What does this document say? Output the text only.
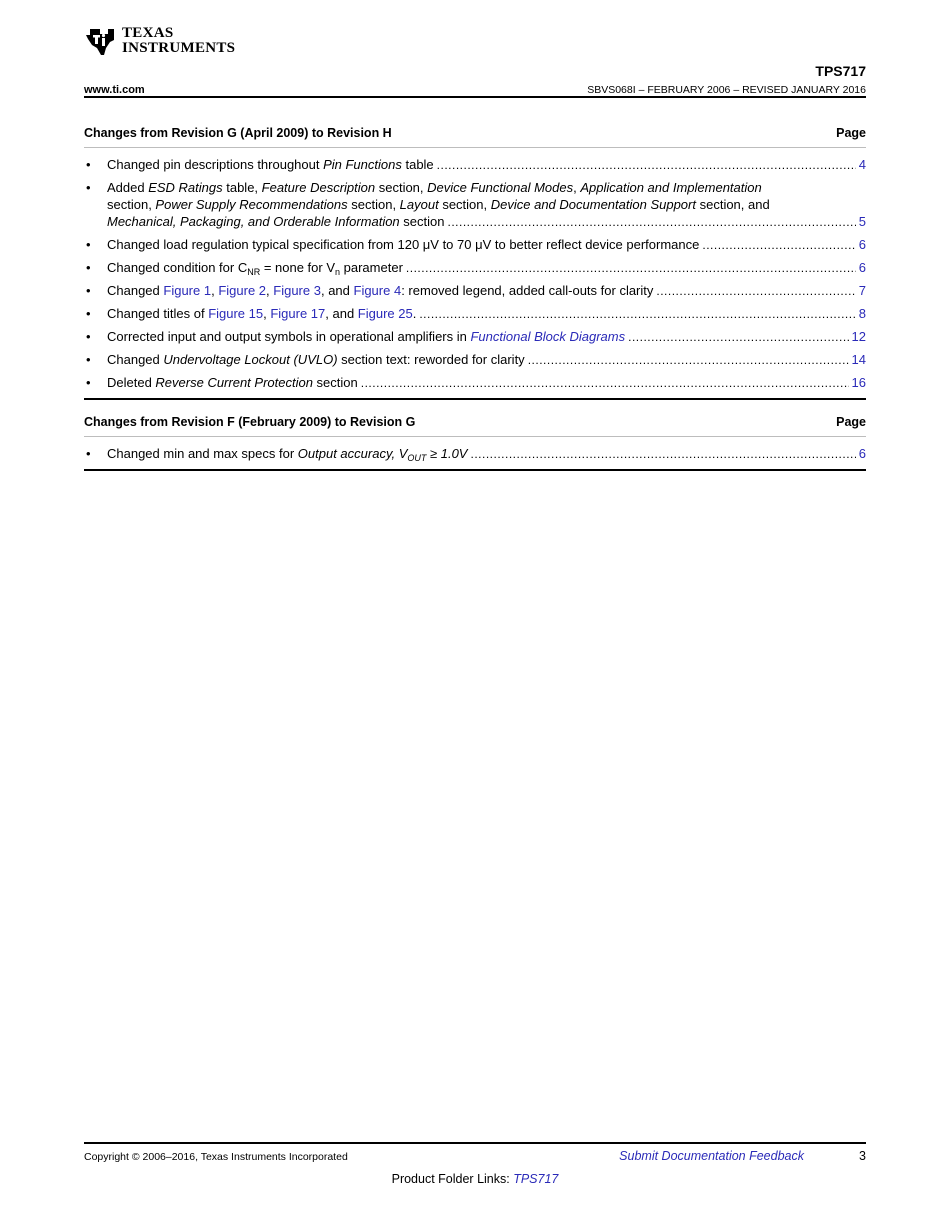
TEXAS
INSTRUMENTS
TPS717
www.ti.com	SBVS068I – FEBRUARY 2006 – REVISED JANUARY 2016
Changes from Revision G (April 2009) to Revision H	Page
• Changed pin descriptions throughout Pin Functions table .....	4
• Added ESD Ratings table, Feature Description section, Device Functional Modes, Application and Implementation
section, Power Supply Recommendations section, Layout section, Device and Documentation Support section, and
Mechanical, Packaging, and Orderable Information section .....	5
• Changed load regulation typical specification from 120 μV to 70 μV to better reflect device performance .....	6
• Changed condition for $C_{NR}$ = none for $V_n$ parameter .....	6
• Changed Figure 1, Figure 2, Figure 3, and Figure 4: removed legend, added call-outs for clarity .....	7
• Changed titles of Figure 15, Figure 17, and Figure 25. .....	8
• Corrected input and output symbols in operational amplifiers in Functional Block Diagrams .....	12
• Changed Undervoltage Lockout (UVLO) section text: reworded for clarity .....	14
• Deleted Reverse Current Protection section .....	16
Changes from Revision F (February 2009) to Revision G	Page
• Changed min and max specs for Output accuracy, $V_{OUT} \ge 1.0V$ .....	6
Copyright © 2006–2016, Texas Instruments Incorporated	Submit Documentation Feedback	3
Product Folder Links: TPS717
